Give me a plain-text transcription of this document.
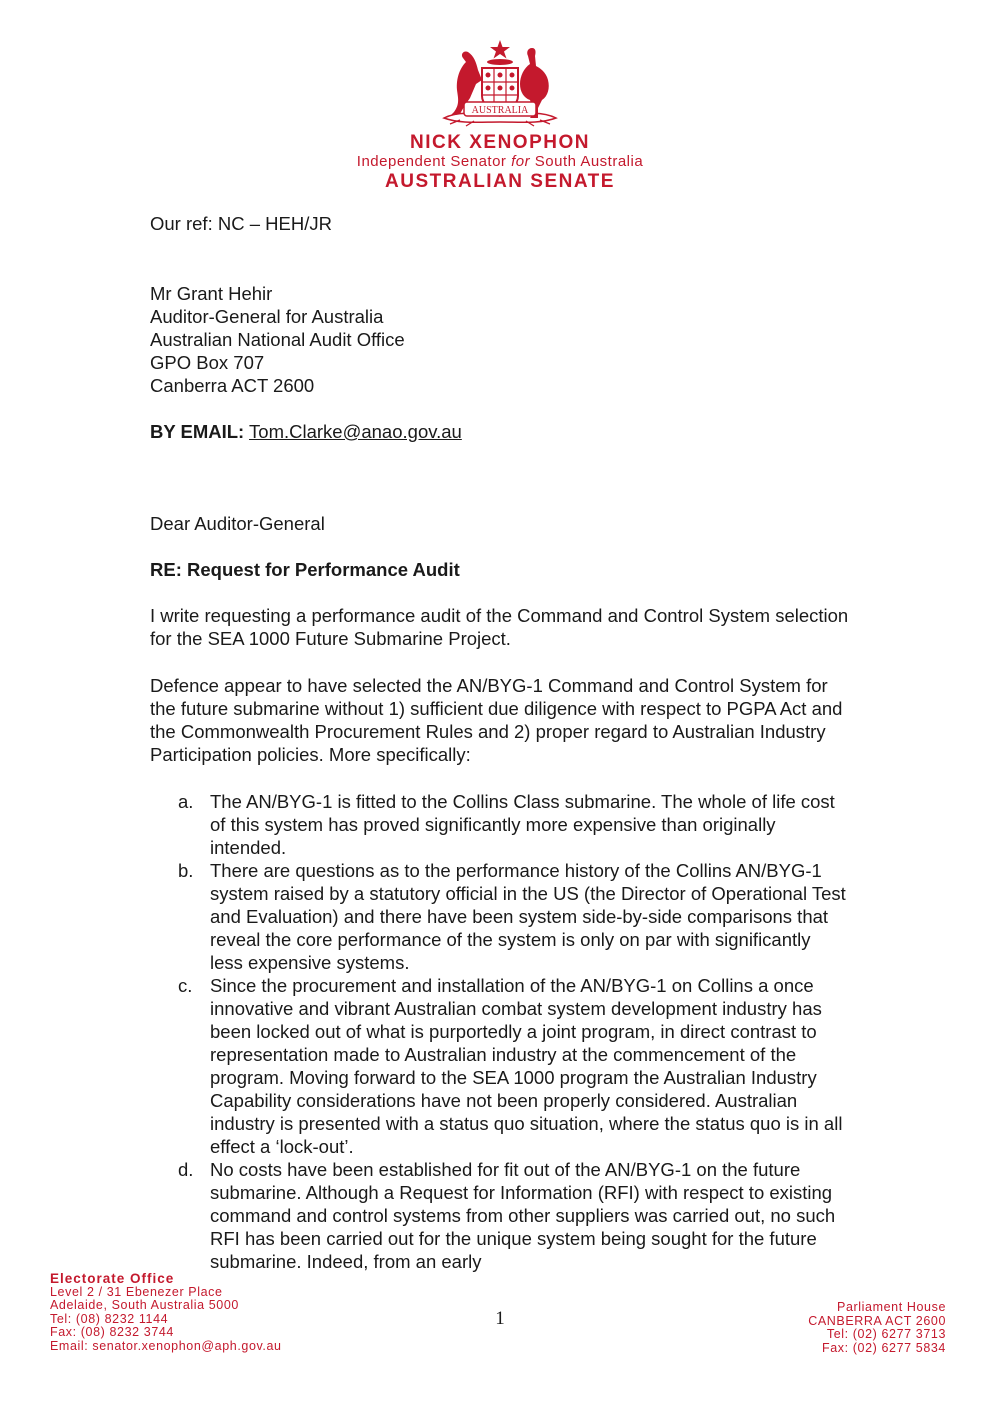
AUSTRALIA
NICK XENOPHON
Independent Senator for South Australia
AUSTRALIAN SENATE

Our ref: NC – HEH/JR

Mr Grant Hehir
Auditor-General for Australia
Australian National Audit Office
GPO Box 707
Canberra ACT 2600

BY EMAIL: Tom.Clarke@anao.gov.au

Dear Auditor-General

RE: Request for Performance Audit

I write requesting a performance audit of the Command and Control System selection for the SEA 1000 Future Submarine Project.

Defence appear to have selected the AN/BYG-1 Command and Control System for the future submarine without 1) sufficient due diligence with respect to PGPA Act and the Commonwealth Procurement Rules and 2) proper regard to Australian Industry Participation policies. More specifically:

a. The AN/BYG-1 is fitted to the Collins Class submarine. The whole of life cost of this system has proved significantly more expensive than originally intended.
b. There are questions as to the performance history of the Collins AN/BYG-1 system raised by a statutory official in the US (the Director of Operational Test and Evaluation) and there have been system side-by-side comparisons that reveal the core performance of the system is only on par with significantly less expensive systems.
c. Since the procurement and installation of the AN/BYG-1 on Collins a once innovative and vibrant Australian combat system development industry has been locked out of what is purportedly a joint program, in direct contrast to representation made to Australian industry at the commencement of the program. Moving forward to the SEA 1000 program the Australian Industry Capability considerations have not been properly considered. Australian industry is presented with a status quo situation, where the status quo is in all effect a ‘lock-out’.
d. No costs have been established for fit out of the AN/BYG-1 on the future submarine. Although a Request for Information (RFI) with respect to existing command and control systems from other suppliers was carried out, no such RFI has been carried out for the unique system being sought for the future submarine. Indeed, from an early
Electorate Office
Level 2 / 31 Ebenezer Place
Adelaide, South Australia 5000
Tel: (08) 8232 1144
Fax: (08) 8232 3744
Email: senator.xenophon@aph.gov.au
1
Parliament House
CANBERRA ACT 2600
Tel: (02) 6277 3713
Fax: (02) 6277 5834
